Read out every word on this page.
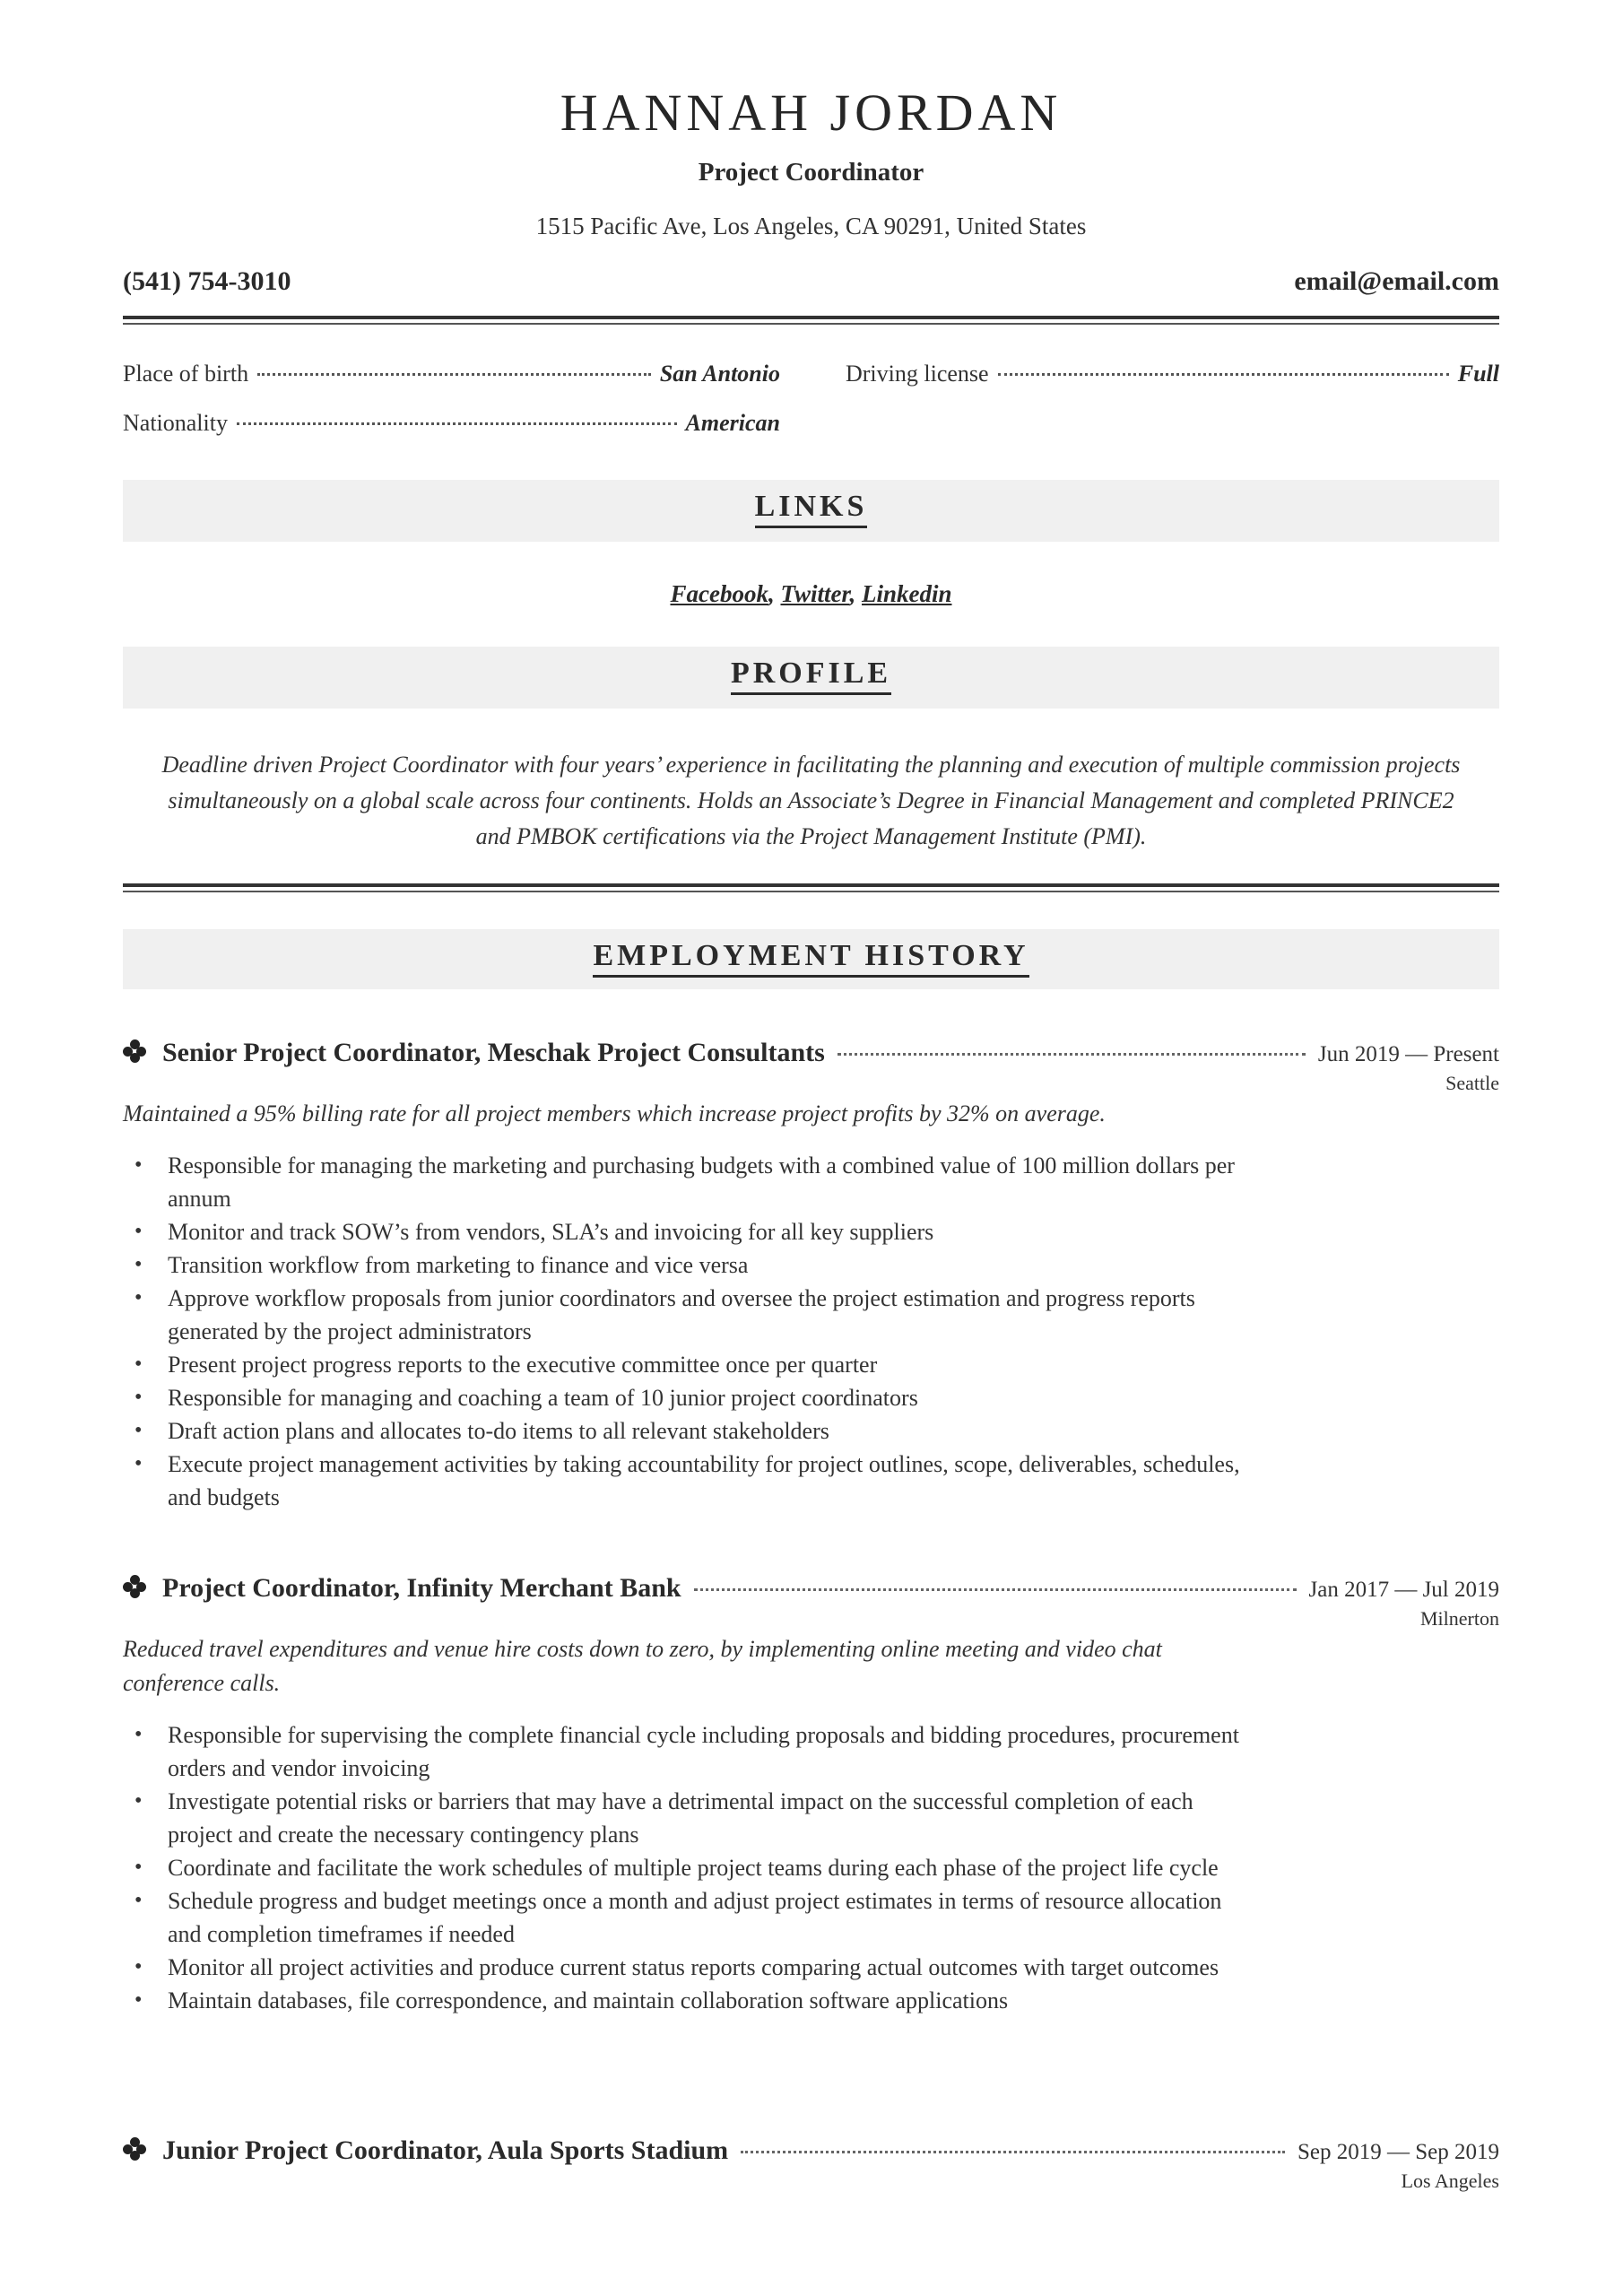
HANNAH JORDAN
Project Coordinator
1515 Pacific Ave, Los Angeles, CA 90291, United States
(541) 754-3010	email@email.com
Place of birth	San Antonio
Nationality	American
Driving license	Full
LINKS
Facebook, Twitter, Linkedin
PROFILE
Deadline driven Project Coordinator with four years’ experience in facilitating the planning and execution of multiple commission projects simultaneously on a global scale across four continents. Holds an Associate’s Degree in Financial Management and completed PRINCE2 and PMBOK certifications via the Project Management Institute (PMI).
EMPLOYMENT HISTORY
Senior Project Coordinator, Meschak Project Consultants	Jun 2019 — Present
Seattle
Maintained a 95% billing rate for all project members which increase project profits by 32% on average.
• Responsible for managing the marketing and purchasing budgets with a combined value of 100 million dollars per annum
• Monitor and track SOW’s from vendors, SLA’s and invoicing for all key suppliers
• Transition workflow from marketing to finance and vice versa
• Approve workflow proposals from junior coordinators and oversee the project estimation and progress reports generated by the project administrators
• Present project progress reports to the executive committee once per quarter
• Responsible for managing and coaching a team of 10 junior project coordinators
• Draft action plans and allocates to-do items to all relevant stakeholders
• Execute project management activities by taking accountability for project outlines, scope, deliverables, schedules, and budgets
Project Coordinator, Infinity Merchant Bank	Jan 2017 — Jul 2019
Milnerton
Reduced travel expenditures and venue hire costs down to zero, by implementing online meeting and video chat conference calls.
• Responsible for supervising the complete financial cycle including proposals and bidding procedures, procurement orders and vendor invoicing
• Investigate potential risks or barriers that may have a detrimental impact on the successful completion of each project and create the necessary contingency plans
• Coordinate and facilitate the work schedules of multiple project teams during each phase of the project life cycle
• Schedule progress and budget meetings once a month and adjust project estimates in terms of resource allocation and completion timeframes if needed
• Monitor all project activities and produce current status reports comparing actual outcomes with target outcomes
• Maintain databases, file correspondence, and maintain collaboration software applications
Junior Project Coordinator, Aula Sports Stadium	Sep 2019 — Sep 2019
Los Angeles
